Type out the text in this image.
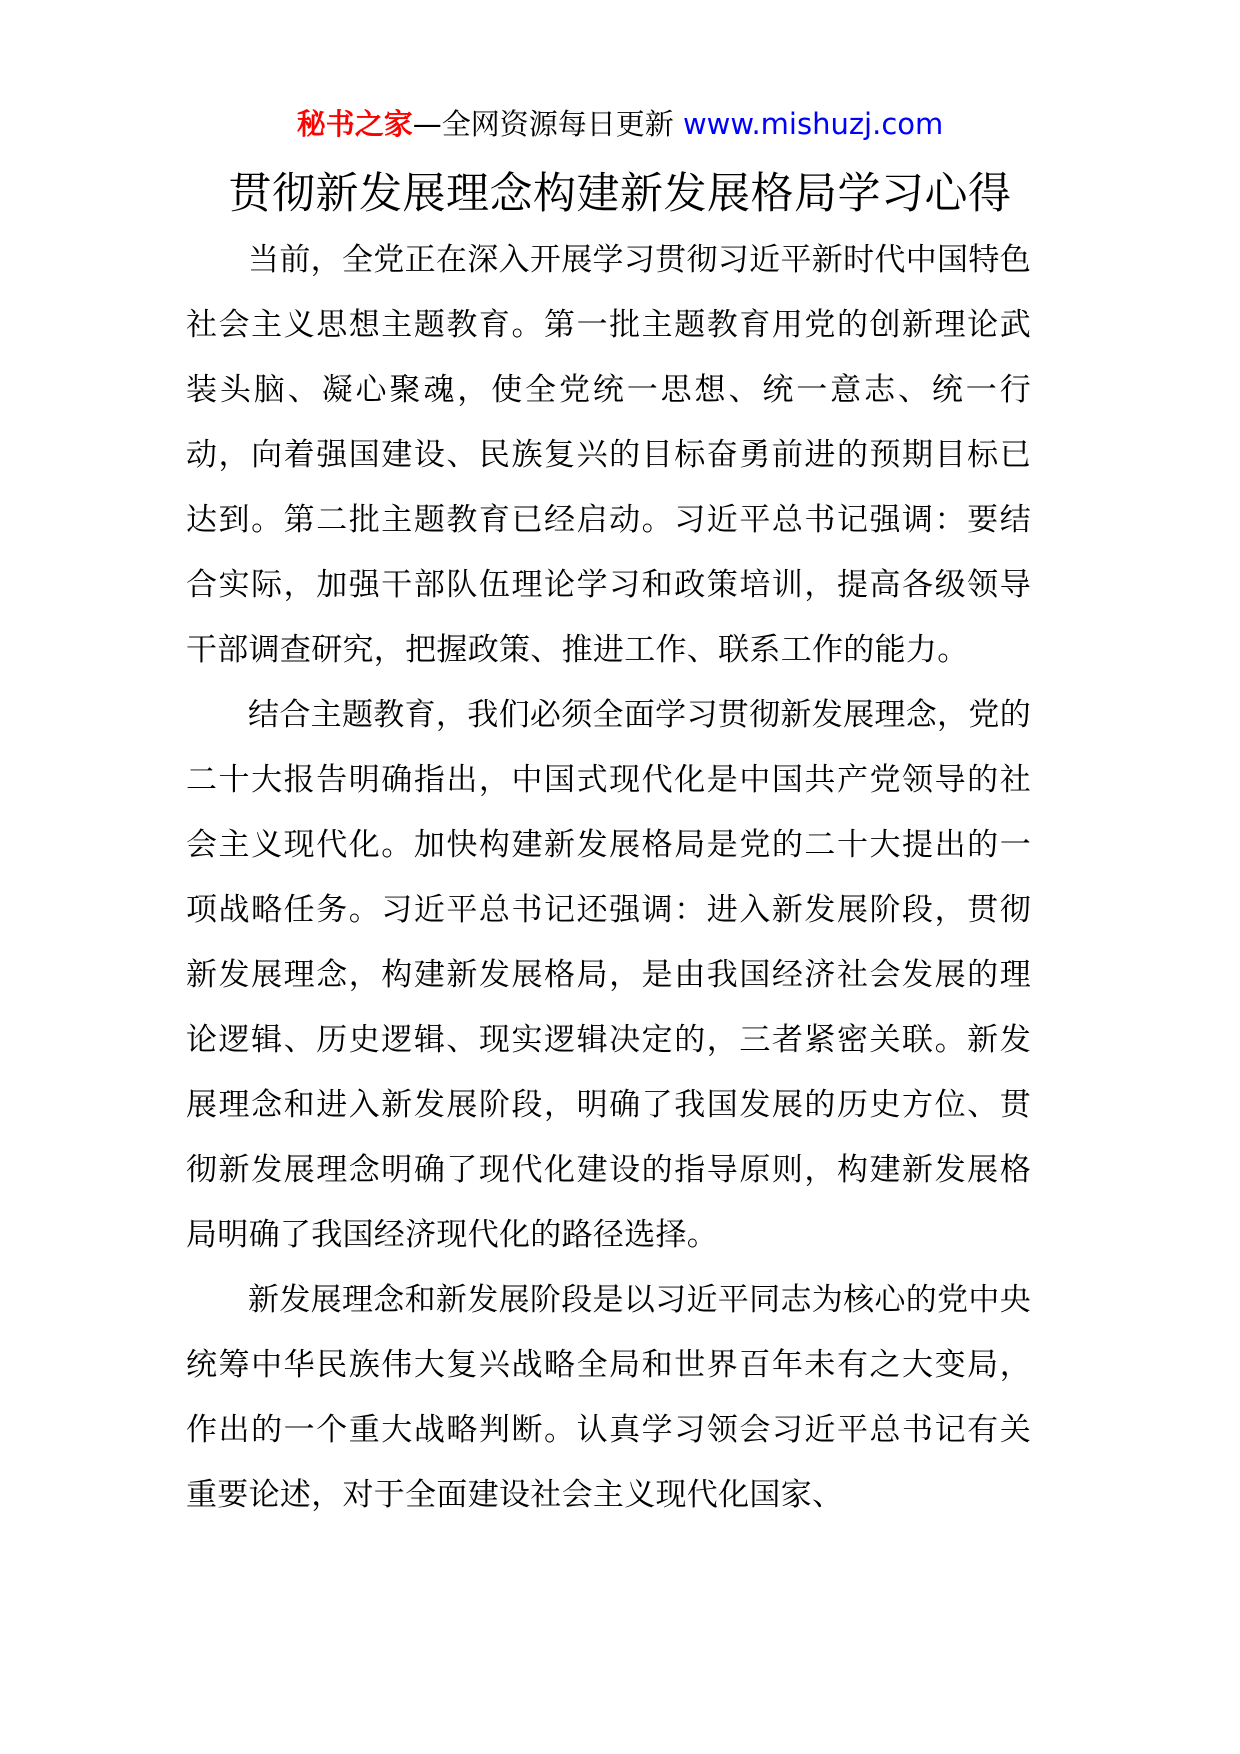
秘书之家—全网资源每日更新 www.mishuzj.com
贯彻新发展理念构建新发展格局学习心得

当前，全党正在深入开展学习贯彻习近平新时代中国特色社会主义思想主题教育。第一批主题教育用党的创新理论武装头脑、凝心聚魂，使全党统一思想、统一意志、统一行动，向着强国建设、民族复兴的目标奋勇前进的预期目标已达到。第二批主题教育已经启动。习近平总书记强调：要结合实际，加强干部队伍理论学习和政策培训，提高各级领导干部调查研究，把握政策、推进工作、联系工作的能力。

结合主题教育，我们必须全面学习贯彻新发展理念，党的二十大报告明确指出，中国式现代化是中国共产党领导的社会主义现代化。加快构建新发展格局是党的二十大提出的一项战略任务。习近平总书记还强调：进入新发展阶段，贯彻新发展理念，构建新发展格局，是由我国经济社会发展的理论逻辑、历史逻辑、现实逻辑决定的，三者紧密关联。新发展理念和进入新发展阶段，明确了我国发展的历史方位、贯彻新发展理念明确了现代化建设的指导原则，构建新发展格局明确了我国经济现代化的路径选择。

新发展理念和新发展阶段是以习近平同志为核心的党中央统筹中华民族伟大复兴战略全局和世界百年未有之大变局，作出的一个重大战略判断。认真学习领会习近平总书记有关重要论述，对于全面建设社会主义现代化国家、
